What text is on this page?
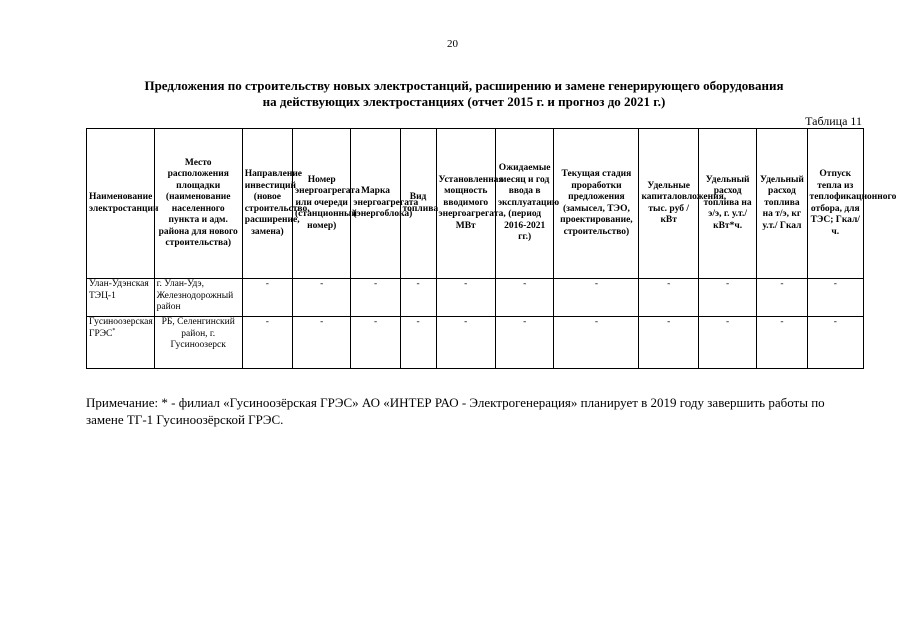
20
Предложения по строительству новых электростанций, расширению и замене генерирующего оборудования
на действующих электростанциях (отчет 2015 г. и прогноз до 2021 г.)
Таблица 11
Наименование электростанции	Место расположения площадки (наименование населенного пункта и адм. района для нового строительства)	Направление инвестиций (новое строительство, расширение, замена)	Номер энергоагрегата или очереди (станционный номер)	Марка энергоагрегата (энергоблока)	Вид топлива	Установленная мощность вводимого энергоагрегата, МВт	Ожидаемые месяц и год ввода в эксплуатацию (период 2016-2021 гг.)	Текущая стадия проработки предложения (замысел, ТЭО, проектирование, строительство)	Удельные капиталовложения, тыс. руб /кВт	Удельный расход топлива на э/э, г. у.т./ кВт*ч.	Удельный расход топлива на т/э, кг у.т./ Гкал	Отпуск тепла из теплофикационного отбора, для ТЭС; Гкал/ч.
Улан-Удэнская ТЭЦ-1	г. Улан-Удэ, Железнодорожный район	-	-	-	-	-	-	-	-	-	-	-
Гусиноозерская ГРЭС*	РБ, Селенгинский район, г. Гусиноозерск	-	-	-	-	-	-	-	-	-	-	-
Примечание: * - филиал «Гусиноозёрская ГРЭС» АО «ИНТЕР РАО - Электрогенерация» планирует в 2019 году завершить работы по замене ТГ-1 Гусиноозёрской ГРЭС.
